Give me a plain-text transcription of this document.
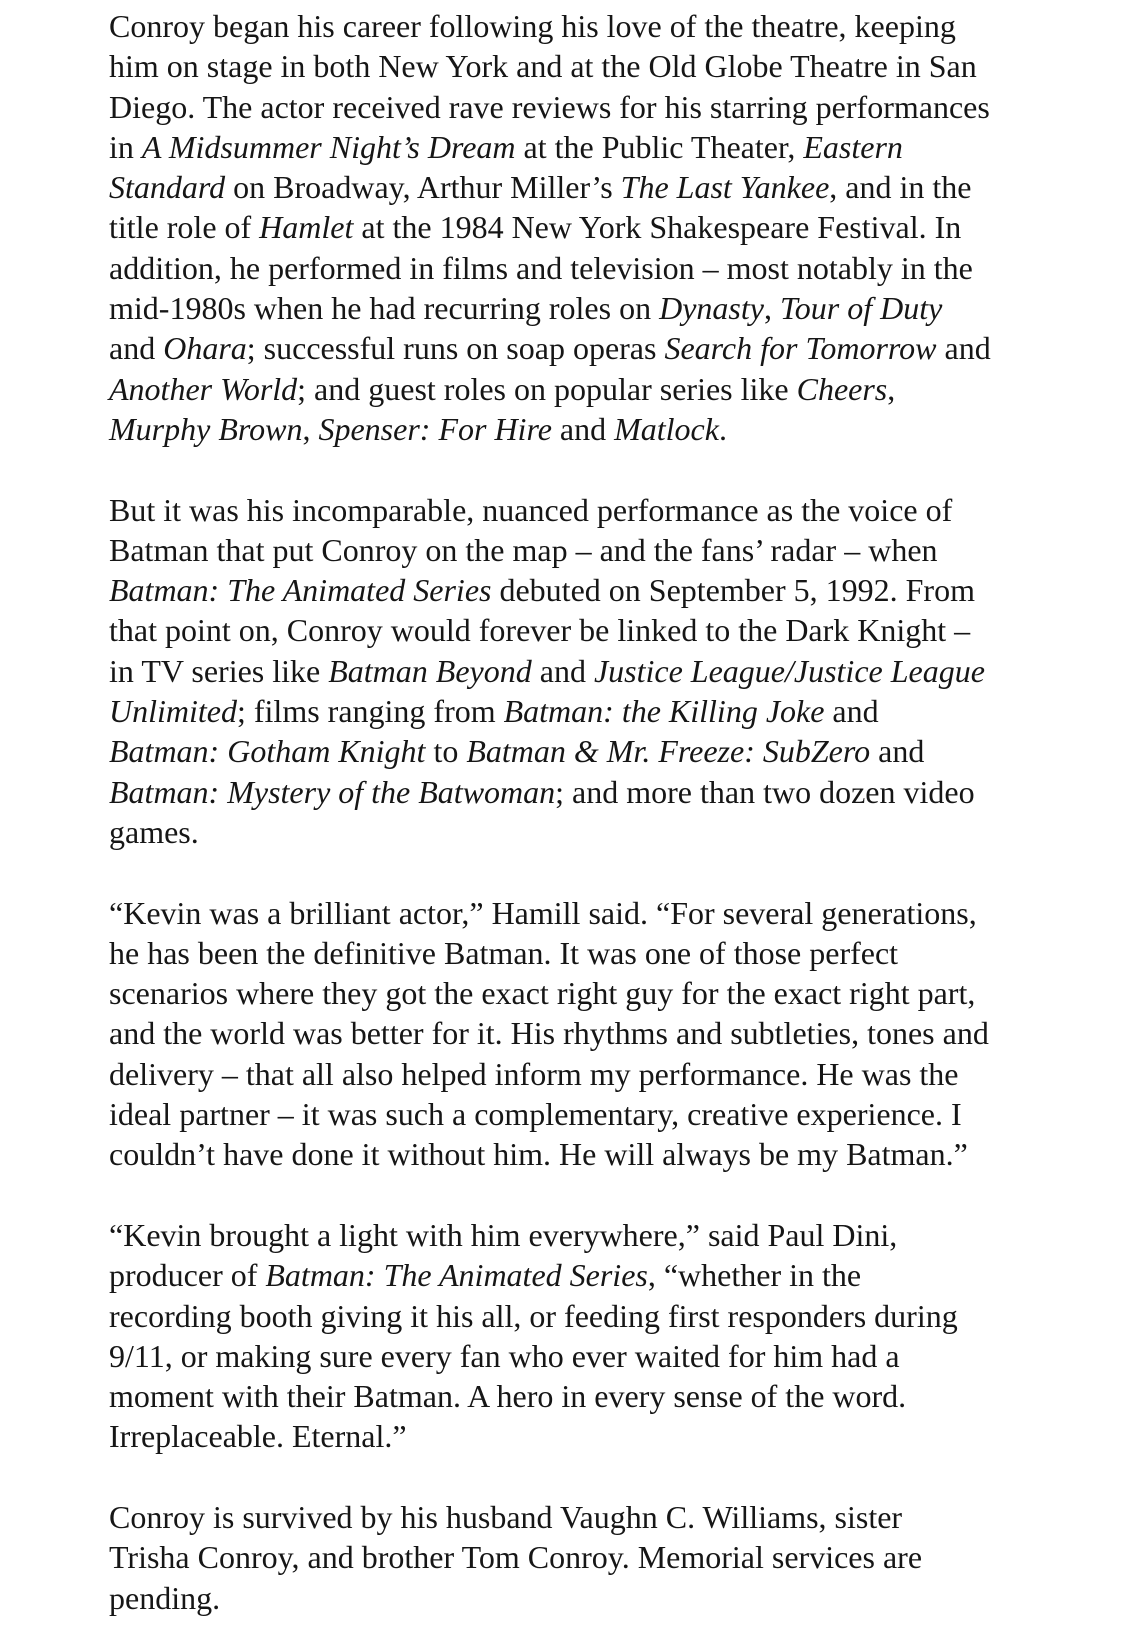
Conroy began his career following his love of the theatre, keeping
him on stage in both New York and at the Old Globe Theatre in San
Diego. The actor received rave reviews for his starring performances
in A Midsummer Night’s Dream at the Public Theater, Eastern
Standard on Broadway, Arthur Miller’s The Last Yankee, and in the
title role of Hamlet at the 1984 New York Shakespeare Festival. In
addition, he performed in films and television – most notably in the
mid-1980s when he had recurring roles on Dynasty, Tour of Duty
and Ohara; successful runs on soap operas Search for Tomorrow and
Another World; and guest roles on popular series like Cheers,
Murphy Brown, Spenser: For Hire and Matlock.

But it was his incomparable, nuanced performance as the voice of
Batman that put Conroy on the map – and the fans’ radar – when
Batman: The Animated Series debuted on September 5, 1992. From
that point on, Conroy would forever be linked to the Dark Knight –
in TV series like Batman Beyond and Justice League/Justice League
Unlimited; films ranging from Batman: the Killing Joke and
Batman: Gotham Knight to Batman & Mr. Freeze: SubZero and
Batman: Mystery of the Batwoman; and more than two dozen video
games.

“Kevin was a brilliant actor,” Hamill said. “For several generations,
he has been the definitive Batman. It was one of those perfect
scenarios where they got the exact right guy for the exact right part,
and the world was better for it. His rhythms and subtleties, tones and
delivery – that all also helped inform my performance. He was the
ideal partner – it was such a complementary, creative experience. I
couldn’t have done it without him. He will always be my Batman.”

“Kevin brought a light with him everywhere,” said Paul Dini,
producer of Batman: The Animated Series, “whether in the
recording booth giving it his all, or feeding first responders during
9/11, or making sure every fan who ever waited for him had a
moment with their Batman. A hero in every sense of the word.
Irreplaceable. Eternal.”

Conroy is survived by his husband Vaughn C. Williams, sister
Trisha Conroy, and brother Tom Conroy. Memorial services are
pending.
